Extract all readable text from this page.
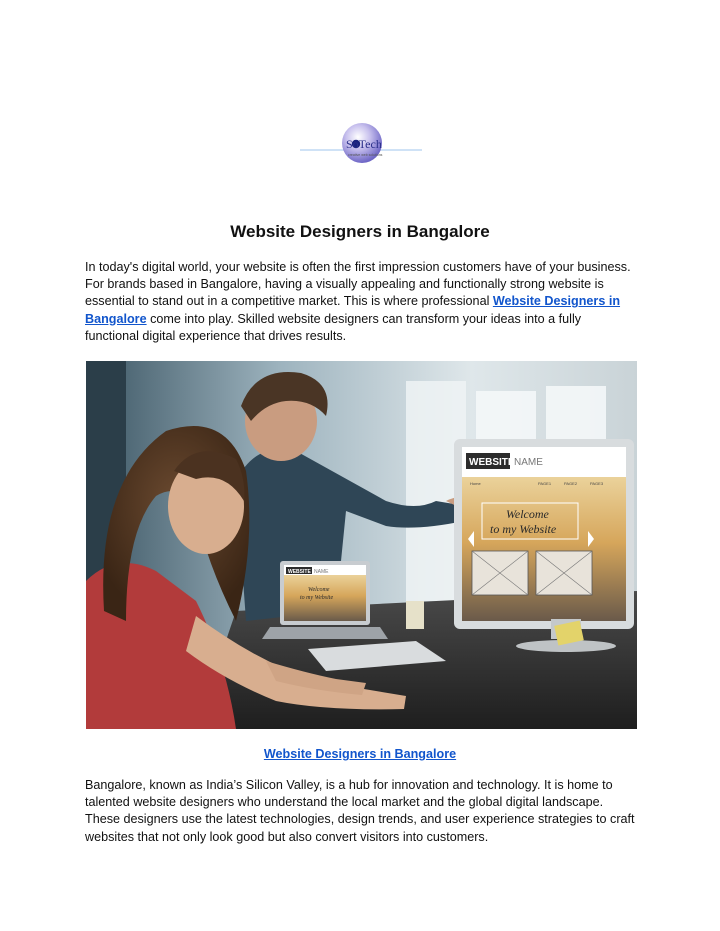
SoTech
creative web solutions
Website Designers in Bangalore

In today's digital world, your website is often the first impression customers have of your business. For brands based in Bangalore, having a visually appealing and functionally strong website is essential to stand out in a competitive market. This is where professional Website Designers in Bangalore come into play. Skilled website designers can transform your ideas into a fully functional digital experience that drives results.

WEBSITE NAME
Home	PAGE1	PAGE2	PAGE3
Welcome
to my Website
WEBSITE NAME
Welcome
to my Website
Website Designers in Bangalore

Bangalore, known as India’s Silicon Valley, is a hub for innovation and technology. It is home to talented website designers who understand the local market and the global digital landscape. These designers use the latest technologies, design trends, and user experience strategies to craft websites that not only look good but also convert visitors into customers.
